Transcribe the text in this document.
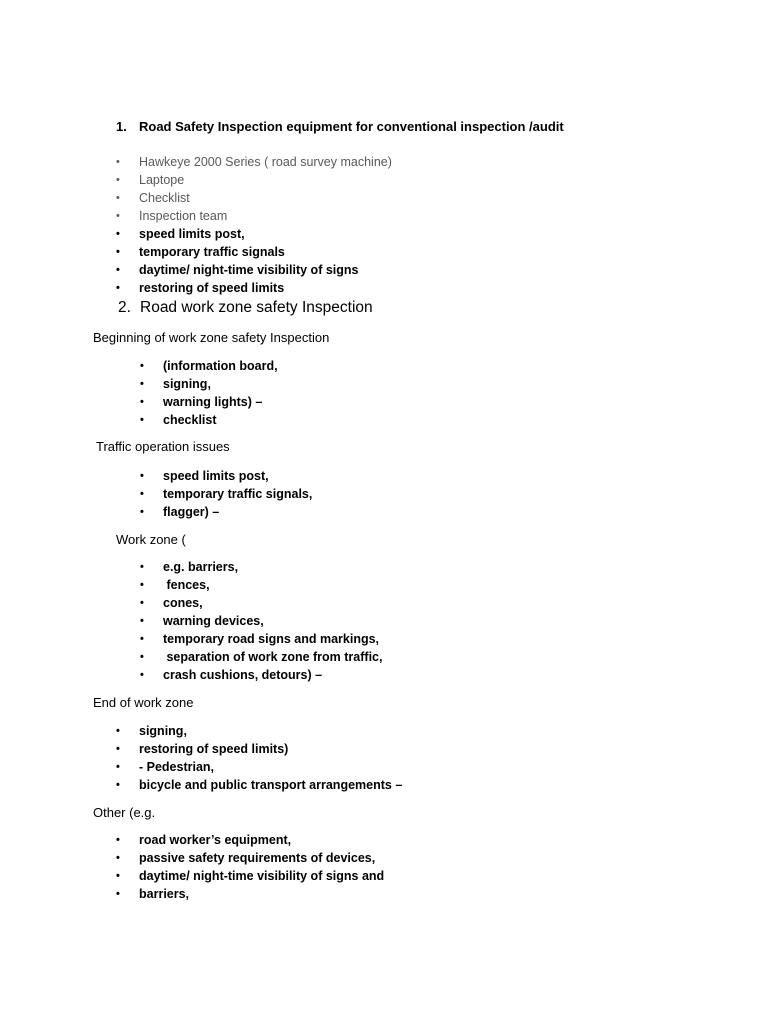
1. Road Safety Inspection equipment for conventional inspection /audit
• Hawkeye 2000 Series ( road survey machine)
• Laptope
• Checklist
• Inspection team
• speed limits post,
• temporary traffic signals
• daytime/ night-time visibility of signs
• restoring of speed limits
2. Road work zone safety Inspection
Beginning of work zone safety Inspection
• (information board,
• signing,
• warning lights) –
• checklist
Traffic operation issues
• speed limits post,
• temporary traffic signals,
• flagger) –
Work zone (
• e.g. barriers,
• fences,
• cones,
• warning devices,
• temporary road signs and markings,
• separation of work zone from traffic,
• crash cushions, detours) –
End of work zone
• signing,
• restoring of speed limits)
• - Pedestrian,
• bicycle and public transport arrangements –
Other (e.g.
• road worker’s equipment,
• passive safety requirements of devices,
• daytime/ night-time visibility of signs and
• barriers,
